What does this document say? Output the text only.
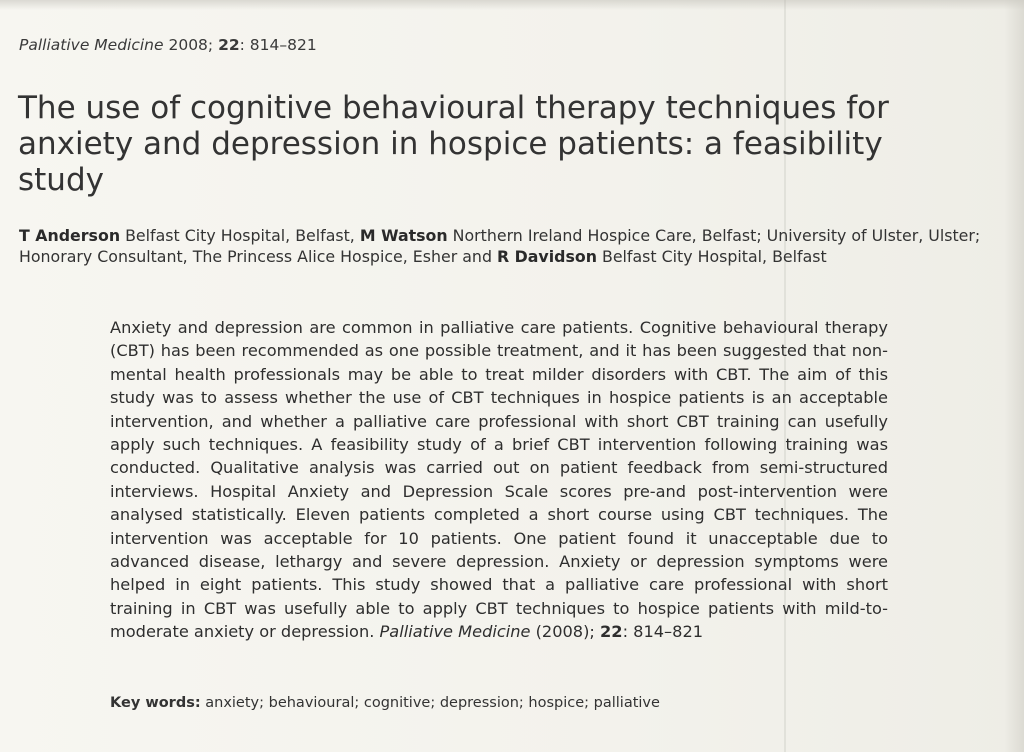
Palliative Medicine 2008; 22: 814–821
The use of cognitive behavioural therapy techniques for anxiety and depression in hospice patients: a feasibility study
T Anderson Belfast City Hospital, Belfast, M Watson Northern Ireland Hospice Care, Belfast; University of Ulster, Ulster; Honorary Consultant, The Princess Alice Hospice, Esher and R Davidson Belfast City Hospital, Belfast
Anxiety and depression are common in palliative care patients. Cognitive behavioural therapy (CBT) has been recommended as one possible treatment, and it has been suggested that non-mental health professionals may be able to treat milder disorders with CBT. The aim of this study was to assess whether the use of CBT techniques in hospice patients is an acceptable intervention, and whether a palliative care professional with short CBT training can usefully apply such techniques. A feasibility study of a brief CBT intervention following training was conducted. Qualitative analysis was carried out on patient feedback from semi-structured interviews. Hospital Anxiety and Depression Scale scores pre-and post-intervention were analysed statistically. Eleven patients completed a short course using CBT techniques. The intervention was acceptable for 10 patients. One patient found it unacceptable due to advanced disease, lethargy and severe depression. Anxiety or depression symptoms were helped in eight patients. This study showed that a palliative care professional with short training in CBT was usefully able to apply CBT techniques to hospice patients with mild-to-moderate anxiety or depression. Palliative Medicine (2008); 22: 814–821
Key words: anxiety; behavioural; cognitive; depression; hospice; palliative
